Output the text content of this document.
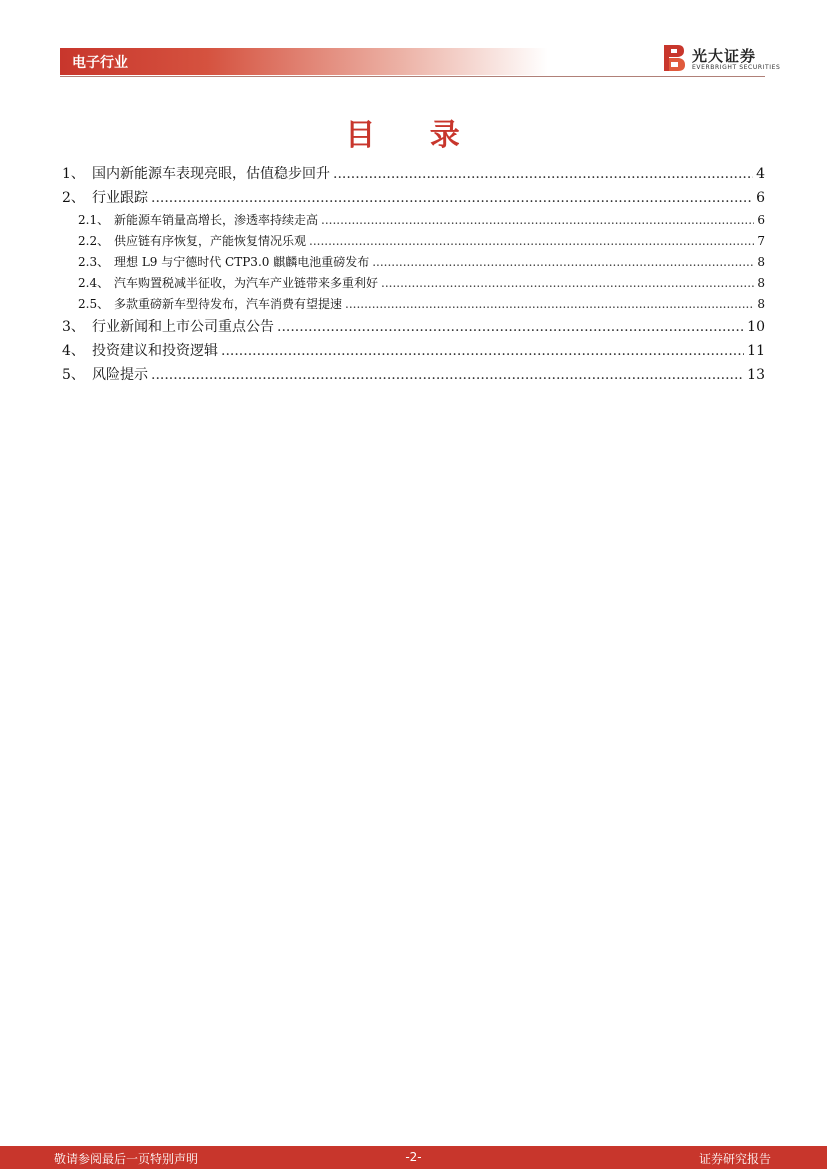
电子行业	光大证券
EVERBRIGHT SECURITIES
目 录
1、 国内新能源车表现亮眼，估值稳步回升 .....	4
2、 行业跟踪 .....	6
2.1、 新能源车销量高增长，渗透率持续走高 .....	6
2.2、 供应链有序恢复，产能恢复情况乐观 .....	7
2.3、 理想 L9 与宁德时代 CTP3.0 麒麟电池重磅发布 .....	8
2.4、 汽车购置税减半征收，为汽车产业链带来多重利好 .....	8
2.5、 多款重磅新车型待发布，汽车消费有望提速 .....	8
3、 行业新闻和上市公司重点公告 .....	10
4、 投资建议和投资逻辑 .....	11
5、 风险提示 .....	13
敬请参阅最后一页特别声明	-2-	证券研究报告
